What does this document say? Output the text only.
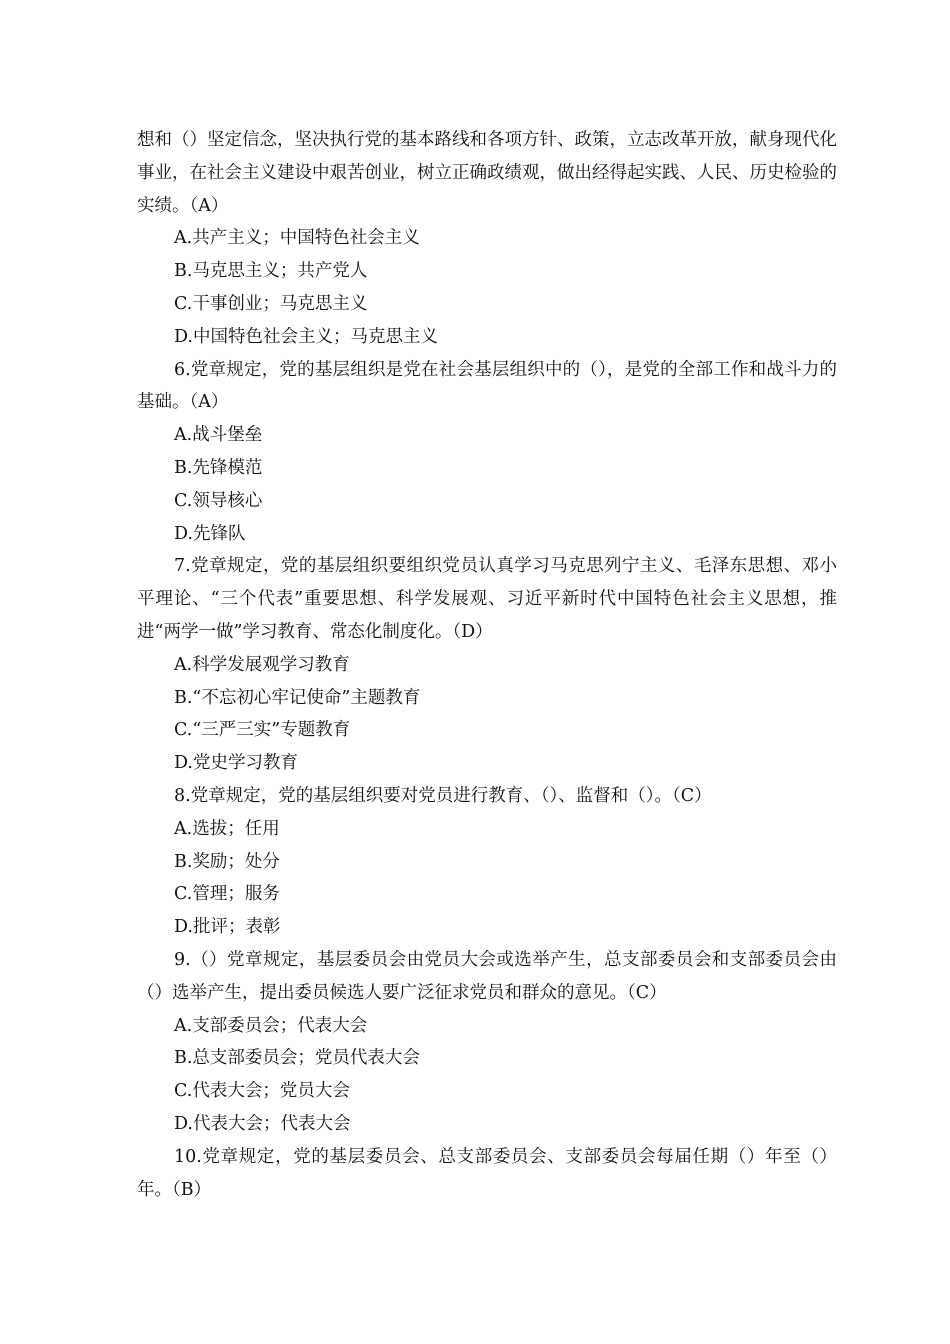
想和（）坚定信念，坚决执行党的基本路线和各项方针、政策，立志改革开放，献身现代化事业，在社会主义建设中艰苦创业，树立正确政绩观，做出经得起实践、人民、历史检验的实绩。（A）

A.共产主义；中国特色社会主义

B.马克思主义；共产党人

C.干事创业；马克思主义

D.中国特色社会主义；马克思主义

6.党章规定，党的基层组织是党在社会基层组织中的（），是党的全部工作和战斗力的基础。（A）

A.战斗堡垒

B.先锋模范

C.领导核心

D.先锋队

7.党章规定，党的基层组织要组织党员认真学习马克思列宁主义、毛泽东思想、邓小平理论、“三个代表”重要思想、科学发展观、习近平新时代中国特色社会主义思想，推进“两学一做”学习教育、常态化制度化。（D）

A.科学发展观学习教育

B.“不忘初心牢记使命”主题教育

C.“三严三实”专题教育

D.党史学习教育

8.党章规定，党的基层组织要对党员进行教育、（）、监督和（）。（C）

A.选拔；任用

B.奖励；处分

C.管理；服务

D.批评；表彰

9.（）党章规定，基层委员会由党员大会或选举产生，总支部委员会和支部委员会由（）选举产生，提出委员候选人要广泛征求党员和群众的意见。（C）

A.支部委员会；代表大会

B.总支部委员会；党员代表大会

C.代表大会；党员大会

D.代表大会；代表大会

10.党章规定，党的基层委员会、总支部委员会、支部委员会每届任期（）年至（）年。（B）
